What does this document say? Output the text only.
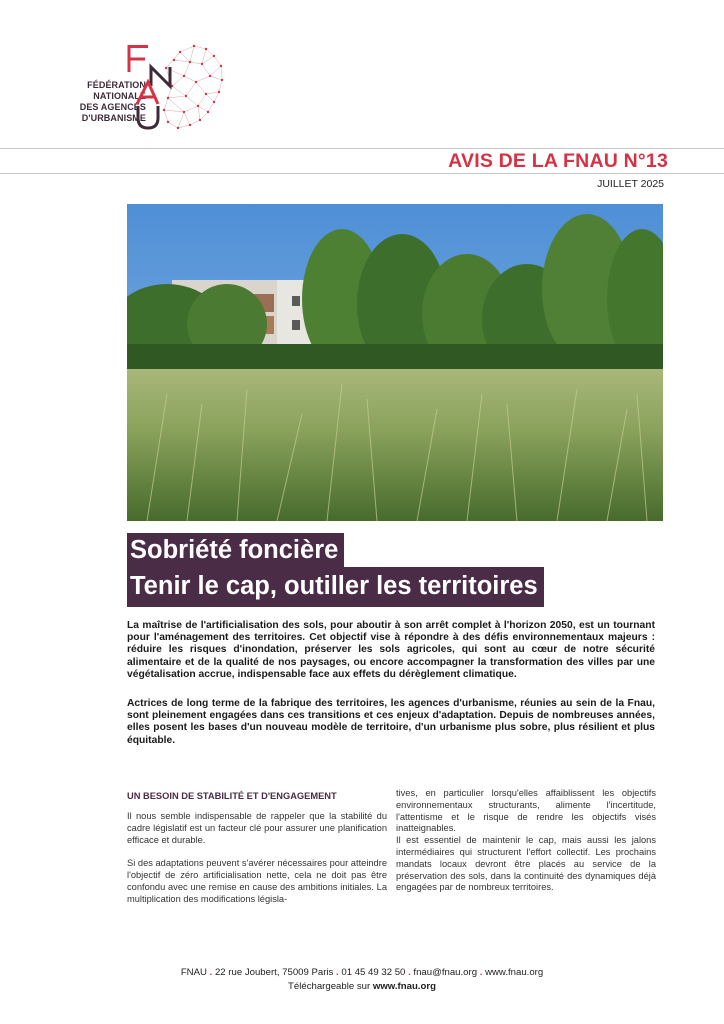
FÉDÉRATION
NATIONALE
DES AGENCES
D'URBANISME
AVIS DE LA FNAU N°13
JUILLET 2025
Sobriété foncière
Tenir le cap, outiller les territoires

La maîtrise de l'artificialisation des sols, pour aboutir à son arrêt complet à l'horizon 2050, est un tournant pour l'aménagement des territoires. Cet objectif vise à répondre à des défis environnementaux majeurs : réduire les risques d'inondation, préserver les sols agricoles, qui sont au cœur de notre sécurité alimentaire et de la qualité de nos paysages, ou encore accompagner la transformation des villes par une végétalisation accrue, indispensable face aux effets du dérèglement climatique.

Actrices de long terme de la fabrique des territoires, les agences d'urbanisme, réunies au sein de la Fnau, sont pleinement engagées dans ces transitions et ces enjeux d'adaptation. Depuis de nombreuses années, elles posent les bases d'un nouveau modèle de territoire, d'un urbanisme plus sobre, plus résilient et plus équitable.

UN BESOIN DE STABILITÉ ET D'ENGAGEMENT

Il nous semble indispensable de rappeler que la stabilité du cadre législatif est un facteur clé pour assurer une planification efficace et durable.

Si des adaptations peuvent s'avérer nécessaires pour atteindre l'objectif de zéro artificialisation nette, cela ne doit pas être confondu avec une remise en cause des ambitions initiales. La multiplication des modifications législa-

tives, en particulier lorsqu'elles affaiblissent les objectifs environnementaux structurants, alimente l'incertitude, l'attentisme et le risque de rendre les objectifs visés inatteignables.

Il est essentiel de maintenir le cap, mais aussi les jalons intermédiaires qui structurent l'effort collectif. Les prochains mandats locaux devront être placés au service de la préservation des sols, dans la continuité des dynamiques déjà engagées par de nombreux territoires.

FNAU . 22 rue Joubert, 75009 Paris . 01 45 49 32 50 . fnau@fnau.org . www.fnau.org
Téléchargeable sur www.fnau.org
